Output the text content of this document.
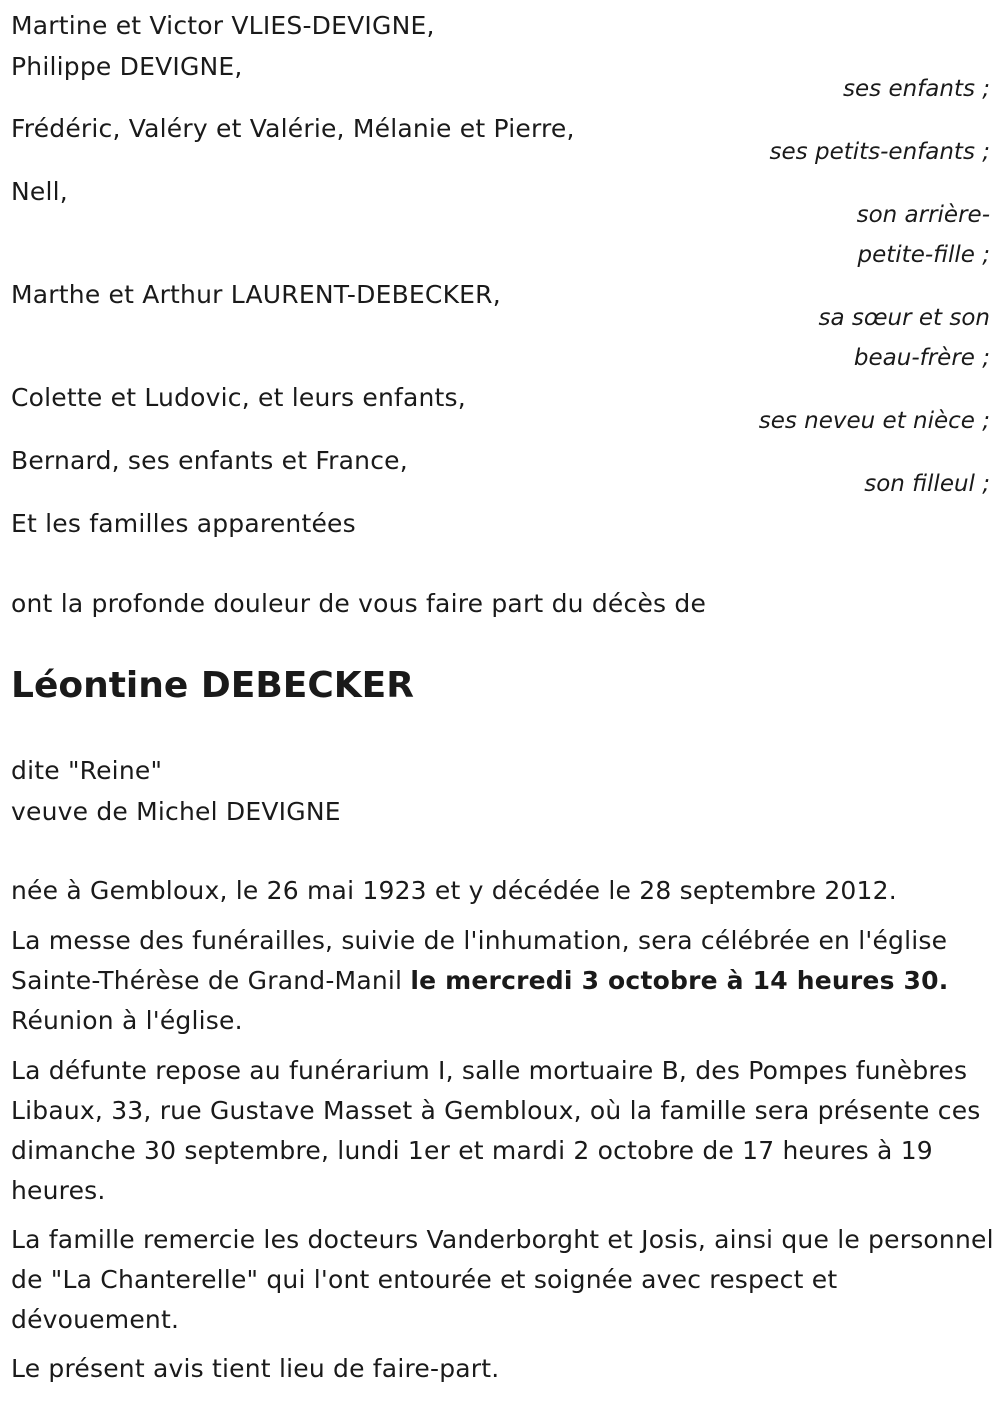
Martine et Victor VLIES-DEVIGNE,
Philippe DEVIGNE,
ses enfants ;
Frédéric, Valéry et Valérie, Mélanie et Pierre,
ses petits-enfants ;
Nell,
son arrière-
petite-fille ;
Marthe et Arthur LAURENT-DEBECKER,
sa sœur et son
beau-frère ;
Colette et Ludovic, et leurs enfants,
ses neveu et nièce ;
Bernard, ses enfants et France,
son filleul ;
Et les familles apparentées
ont la profonde douleur de vous faire part du décès de
Léontine DEBECKER
dite "Reine"
veuve de Michel DEVIGNE
née à Gembloux, le 26 mai 1923 et y décédée le 28 septembre 2012.
La messe des funérailles, suivie de l'inhumation, sera célébrée en l'église Sainte-Thérèse de Grand-Manil le mercredi 3 octobre à 14 heures 30.
Réunion à l'église.
La défunte repose au funérarium I, salle mortuaire B, des Pompes funèbres Libaux, 33, rue Gustave Masset à Gembloux, où la famille sera présente ces dimanche 30 septembre, lundi 1er et mardi 2 octobre de 17 heures à 19 heures.
La famille remercie les docteurs Vanderborght et Josis, ainsi que le personnel de "La Chanterelle" qui l'ont entourée et soignée avec respect et dévouement.
Le présent avis tient lieu de faire-part.
